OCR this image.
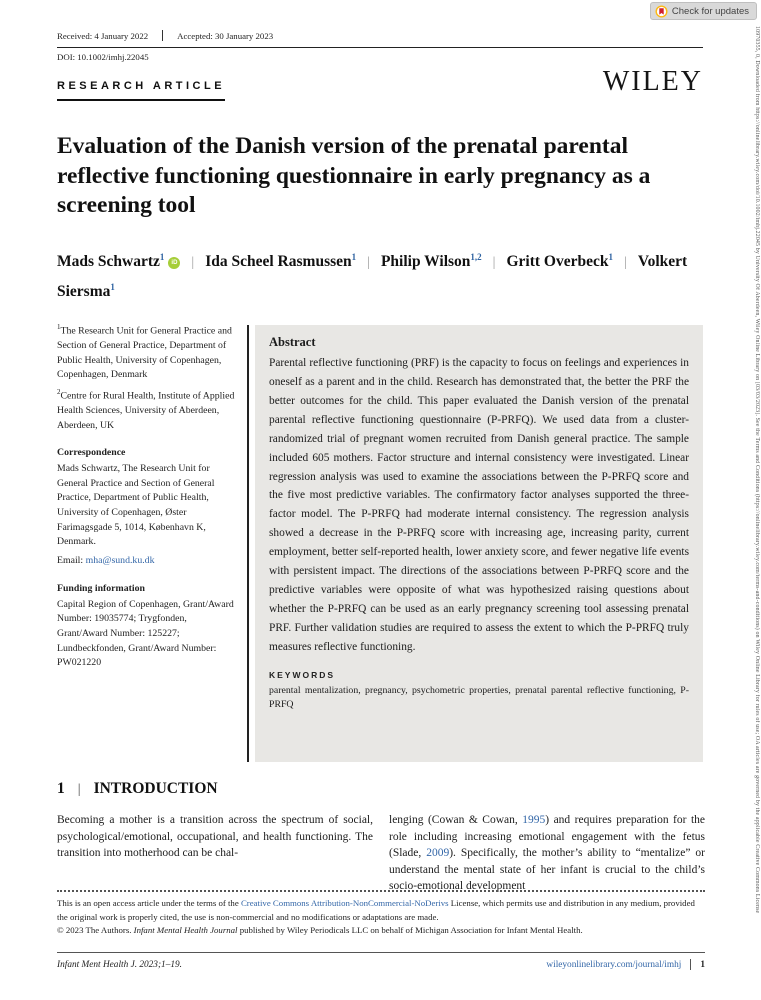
Check for updates
10970355, 0, Downloaded from https://onlinelibrary.wiley.com/doi/10.1002/imhj.22045 by University Of Aberdeen, Wiley Online Library on [03/03/2023]. See the Terms and Conditions (https://onlinelibrary.wiley.com/terms-and-conditions) on Wiley Online Library for rules of use; OA articles are governed by the applicable Creative Commons License
Received: 4 January 2022	Accepted: 30 January 2023
DOI: 10.1002/imhj.22045
RESEARCH ARTICLE	WILEY
Evaluation of the Danish version of the prenatal parental reflective functioning questionnaire in early pregnancy as a screening tool
Mads Schwartz$^1$iD | Ida Scheel Rasmussen$^1$ | Philip Wilson$^{1,2}$ | Gritt Overbeck$^1$ | Volkert Siersma$^1$

$^1$The Research Unit for General Practice and Section of General Practice, Department of Public Health, University of Copenhagen, Copenhagen, Denmark

$^2$Centre for Rural Health, Institute of Applied Health Sciences, University of Aberdeen, Aberdeen, UK

Correspondence

Mads Schwartz, The Research Unit for General Practice and Section of General Practice, Department of Public Health, University of Copenhagen, Øster Farimagsgade 5, 1014, København K, Denmark.

Email: mha@sund.ku.dk

Funding information

Capital Region of Copenhagen, Grant/Award Number: 19035774; Trygfonden, Grant/Award Number: 125227; Lundbeckfonden, Grant/Award Number: PW021220

Abstract
Parental reflective functioning (PRF) is the capacity to focus on feelings and experiences in oneself as a parent and in the child. Research has demonstrated that, the better the PRF the better outcomes for the child. This paper evaluated the Danish version of the prenatal parental reflective functioning questionnaire (P-PRFQ). We used data from a cluster-randomized trial of pregnant women recruited from Danish general practice. The sample included 605 mothers. Factor structure and internal consistency were investigated. Linear regression analysis was used to examine the associations between the P-PRFQ score and the five most predictive variables. The confirmatory factor analyses supported the three-factor model. The P-PRFQ had moderate internal consistency. The regression analysis showed a decrease in the P-PRFQ score with increasing age, increasing parity, current employment, better self-reported health, lower anxiety score, and fewer negative life events with persistent impact. The directions of the associations between P-PRFQ score and the predictive variables were opposite of what was hypothesized raising questions about whether the P-PRFQ can be used as an early pregnancy screening tool assessing prenatal PRF. Further validation studies are required to assess the extent to which the P-PRFQ truly measures reflective functioning.
KEYWORDS
parental mentalization, pregnancy, psychometric properties, prenatal parental reflective functioning, P-PRFQ
1 | INTRODUCTION
Becoming a mother is a transition across the spectrum of social, psychological/emotional, occupational, and health functioning. The transition into motherhood can be chal-
lenging (Cowan & Cowan, 1995) and requires preparation for the role including increasing emotional engagement with the fetus (Slade, 2009). Specifically, the mother’s ability to “mentalize” or understand the mental state of her infant is crucial to the child’s socio-emotional development
This is an open access article under the terms of the Creative Commons Attribution-NonCommercial-NoDerivs License, which permits use and distribution in any medium, provided the original work is properly cited, the use is non-commercial and no modifications or adaptations are made.
© 2023 The Authors. Infant Mental Health Journal published by Wiley Periodicals LLC on behalf of Michigan Association for Infant Mental Health.
Infant Ment Health J. 2023;1–19.	wileyonlinelibrary.com/journal/imhj 1
